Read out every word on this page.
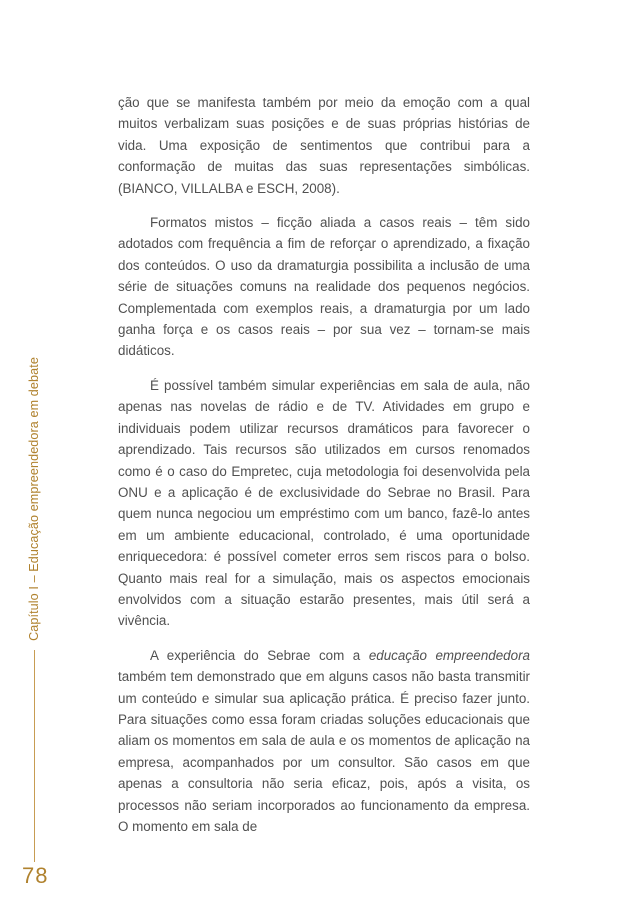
Capítulo I – Educação empreendedora em debate
78

ção que se manifesta também por meio da emoção com a qual muitos verbalizam suas posições e de suas próprias histórias de vida. Uma exposição de sentimentos que contribui para a conformação de muitas das suas representações simbólicas. (BIANCO, VILLALBA e ESCH, 2008).

Formatos mistos – ficção aliada a casos reais – têm sido adotados com frequência a fim de reforçar o aprendizado, a fixação dos conteúdos. O uso da dramaturgia possibilita a inclusão de uma série de situações comuns na realidade dos pequenos negócios. Complementada com exemplos reais, a dramaturgia por um lado ganha força e os casos reais – por sua vez – tornam-se mais didáticos.

É possível também simular experiências em sala de aula, não apenas nas novelas de rádio e de TV. Atividades em grupo e individuais podem utilizar recursos dramáticos para favorecer o aprendizado. Tais recursos são utilizados em cursos renomados como é o caso do Empretec, cuja metodologia foi desenvolvida pela ONU e a aplicação é de exclusividade do Sebrae no Brasil. Para quem nunca negociou um empréstimo com um banco, fazê-lo antes em um ambiente educacional, controlado, é uma oportunidade enriquecedora: é possível cometer erros sem riscos para o bolso. Quanto mais real for a simulação, mais os aspectos emocionais envolvidos com a situação estarão presentes, mais útil será a vivência.

A experiência do Sebrae com a educação empreendedora também tem demonstrado que em alguns casos não basta transmitir um conteúdo e simular sua aplicação prática. É preciso fazer junto. Para situações como essa foram criadas soluções educacionais que aliam os momentos em sala de aula e os momentos de aplicação na empresa, acompanhados por um consultor. São casos em que apenas a consultoria não seria eficaz, pois, após a visita, os processos não seriam incorporados ao funcionamento da empresa. O momento em sala de
